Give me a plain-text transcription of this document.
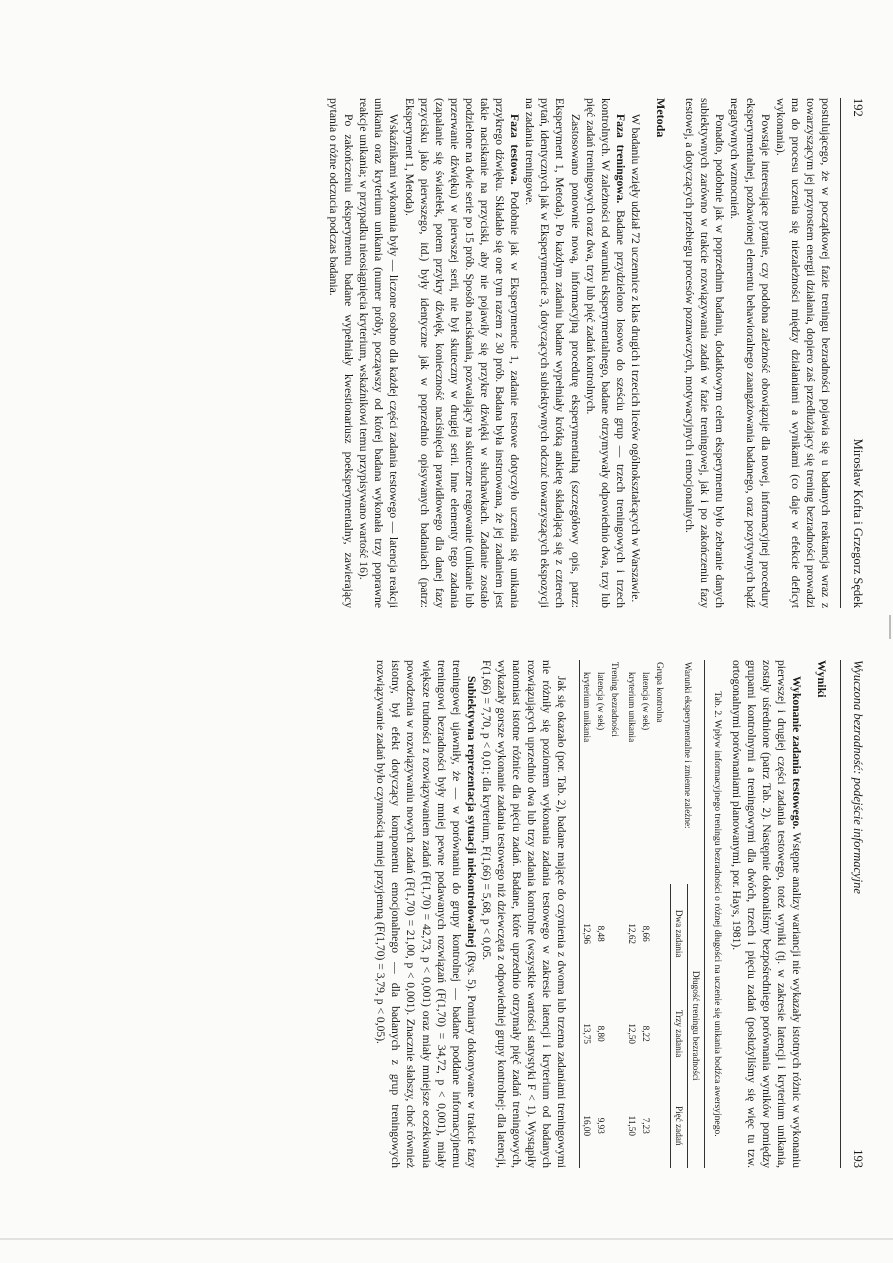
192
Mirosław Kofta i Grzegorz Sędek

postulującego, że w początkowej fazie treningu bezradności pojawia się u badanych reaktancja wraz z towarzyszącym jej przyrostem energii działania, dopiero zaś przedłużający się trening bezradności prowadzi ma do procesu uczenia się niezależności między działaniami a wynikami (co daje w efekcie deficyt wykonania).

Powstaje interesujące pytanie, czy podobna zależność obowiązuje dla nowej, informacyjnej procedury eksperymentalnej, pozbawionej elementu behawioralnego zaangażowania badanego, oraz pozytywnych bądź negatywnych wzmocnień.

Ponadto, podobnie jak w poprzednim badaniu, dodatkowym celem eksperymentu było zebranie danych subiektywnych zarówno w trakcie rozwiązywania zadań w fazie treningowej, jak i po zakończeniu fazy testowej, a dotyczących przebiegu procesów poznawczych, motywacyjnych i emocjonalnych.

Metoda

W badaniu wzięły udział 72 uczennice z klas drugich i trzecich liceów ogólnokształcących w Warszawie.

Faza treningowa. Badane przydzielono losowo do sześciu grup — trzech treningowych i trzech kontrolnych. W zależności od warunku eksperymentalnego, badane otrzymywały odpowiednio dwa, trzy lub pięć zadań treningowych oraz dwa, trzy lub pięć zadań kontrolnych.

Zastosowano ponownie nową, informacyjną procedurę eksperymentalną (szczegółowy opis, patrz: Eksperyment 1, Metoda). Po każdym zadaniu badane wypełniały krótką ankietę składającą się z czterech pytań, identycznych jak w Eksperymencie 3, dotyczących subiektywnych odczuć towarzyszących ekspozycji na zadania treningowe.

Faza testowa. Podobnie jak w Eksperymencie 1, zadanie testowe dotyczyło uczenia się unikania przykrego dźwięku. Składało się one tym razem z 30 prób. Badana była instruowana, że jej zadaniem jest takie naciskanie na przyciski, aby nie pojawiły się przykre dźwięki w słuchawkach. Zadanie zostało podzielone na dwie serie po 15 prób. Sposób naciskania, pozwalający na skuteczne reagowanie (unikanie lub przerwanie dźwięku) w pierwszej serii, nie był skuteczny w drugiej serii. Inne elementy tego zadania (zapalanie się światełek, potem przykry dźwięk, konieczność naciśnięcia prawidłowego dla danej fazy przycisku jako pierwszego, itd.) były identyczne jak w poprzednio opisywanych badaniach (patrz: Eksperyment 1, Metoda).

Wskaźnikami wykonania były — liczone osobno dla każdej części zadania testowego — latencja reakcji unikania oraz kryterium unikania (numer próby, począwszy od której badana wykonała trzy poprawne reakcje unikania; w przypadku nieosiągnięcia kryterium, wskaźnikowi temu przypisywano wartość 16).

Po zakończeniu eksperymentu badane wypełniały kwestionariusz poeksperymentalny, zawierający pytania o różne odczucia podczas badania.

Wyuczona bezradność: podejście informacyjne
193
Wyniki

Wykonanie zadania testowego. Wstępne analizy wariancji nie wykazały istotnych różnic w wykonaniu pierwszej i drugiej części zadania testowego, toteż wyniki (tj. w zakresie latencji i kryterium unikania, zostały uśrednione (patrz Tab. 2). Następnie dokonaliśmy bezpośredniego porównania wyników pomiędzy grupami kontrolnymi a treningowymi dla dwóch, trzech i pięciu zadań (posłużyliśmy się więc tu tzw. ortogonalnymi porównaniami planowanymi, por. Hays, 1981).

Tab. 2. Wpływ informacyjnego treningu bezradności o różnej długości na uczenie się unikania bodźca awersyjnego.
Warunki eksperymentalne i zmienne zależne:	Długość treningu bezradności		
	Dwa zadania	Trzy zadania	Pięć zadań
Grupa kontrolna			
latencja (w sek)	8,66	8,22	7,23
kryterium unikania	12,62	12,50	11,50
Trening bezradności			
latencja (w sek)	8,48	8,80	9,93
kryterium unikania	12,96	13,75	16,00

Jak się okazało (por. Tab. 2), badane mające do czynienia z dwoma lub trzema zadaniami treningowymi nie różniły się poziomem wykonania zadania testowego w zakresie latencji i kryterium od badanych rozwiązujących uprzednio dwa lub trzy zadania kontrolne (wszystkie wartości statystyki F < 1). Wystąpiły natomiast istotne różnice dla pięciu zadań. Badane, które uprzednio otrzymały pięć zadań treningowych, wykazały gorsze wykonanie zadania testowego niż dziewczęta z odpowiedniej grupy kontrolnej: dla latencji, F(1,66) = 7,70, p < 0,01; dla kryterium, F(1,66) = 5,68, p < 0,05.

Subiektywna reprezentacja sytuacji niekontrolowalnej (Rys. 5). Pomiary dokonywane w trakcie fazy treningowej ujawniły, że — w porównaniu do grupy kontrolnej — badane poddane informacyjnemu treningowi bezradności były mniej pewne podawanych rozwiązań (F(1,70) = 34,72, p < 0,001), miały większe trudności z rozwiązywaniem zadań (F(1,70) = 42,73, p < 0,001) oraz miały mniejsze oczekiwania powodzenia w rozwiązywaniu nowych zadań (F(1,70) = 21,00, p < 0,001). Znacznie słabszy, choć również istotny, był efekt dotyczący komponentu emocjonalnego — dla badanych z grup treningowych rozwiązywanie zadań było czynnością mniej przyjemną (F(1,70) = 3,79, p < 0,05).
